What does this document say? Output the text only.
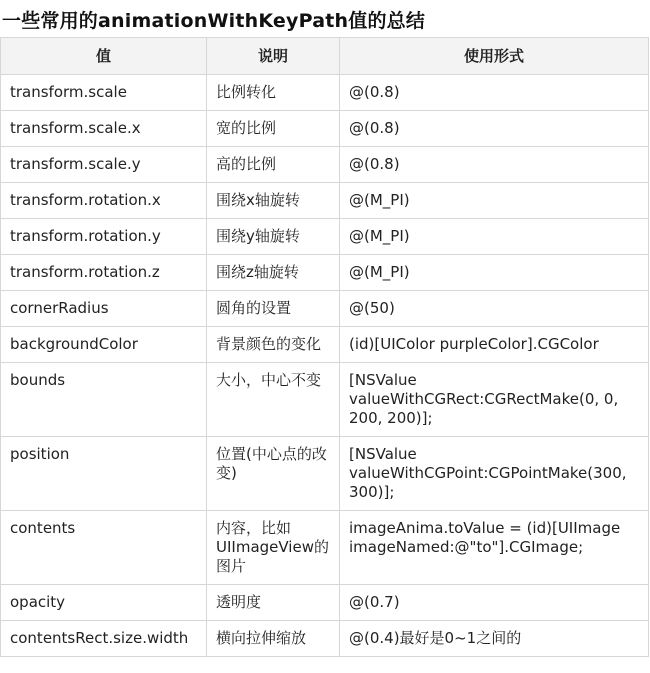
一些常用的animationWithKeyPath值的总结
值	说明	使用形式
transform.scale	比例转化	@(0.8)
transform.scale.x	宽的比例	@(0.8)
transform.scale.y	高的比例	@(0.8)
transform.rotation.x	围绕x轴旋转	@(M_PI)
transform.rotation.y	围绕y轴旋转	@(M_PI)
transform.rotation.z	围绕z轴旋转	@(M_PI)
cornerRadius	圆角的设置	@(50)
backgroundColor	背景颜色的变化	(id)[UIColor purpleColor].CGColor
bounds	大小，中心不变	[NSValue valueWithCGRect:CGRectMake(0, 0, 200, 200)];
position	位置(中心点的改变)	[NSValue valueWithCGPoint:CGPointMake(300, 300)];
contents	内容，比如UIImageView的图片	imageAnima.toValue = (id)[UIImage imageNamed:@"to"].CGImage;
opacity	透明度	@(0.7)
contentsRect.size.width	横向拉伸缩放	@(0.4)最好是0~1之间的
